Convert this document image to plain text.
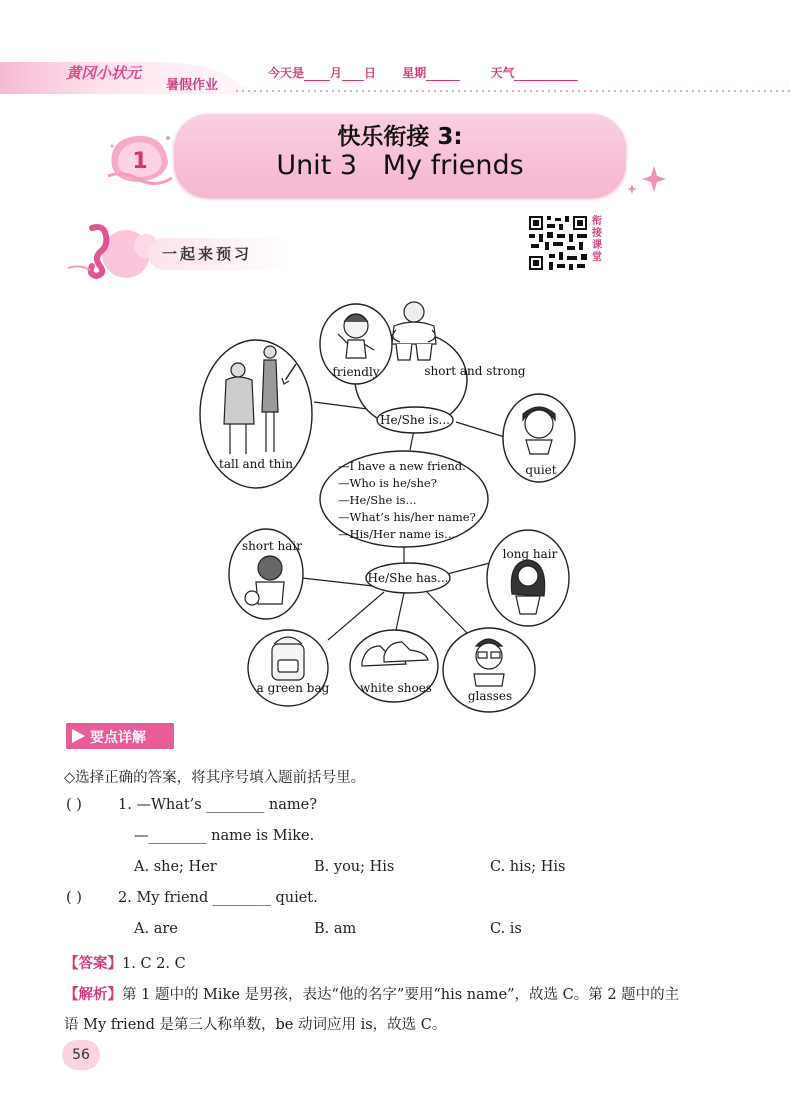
黄冈小状元
暑假作业
今天是 月 日 星期	天气
1
快乐衔接 3:
Unit 3   My friends
一起来预习
衔接课堂
He/She is...
He/She has...
tall and thin
friendly	short and strong
quiet
short hair
long hair
a green bag	white shoes
glasses
—I have a new friend.
—Who is he/she?
—He/She is...
—What’s his/her name?
—His/Her name is...
要点详解
◇选择正确的答案，将其序号填入题前括号里。
( ) 1. —What’s ________ name?
—________ name is Mike.
A. she; Her	B. you; His	C. his; His
( ) 2. My friend ________ quiet.
A. are	B. am	C. is
【答案】1. C 2. C
【解析】第 1 题中的 Mike 是男孩，表达“他的名字”要用“his name”，故选 C。第 2 题中的主
语 My friend 是第三人称单数，be 动词应用 is，故选 C。
56
